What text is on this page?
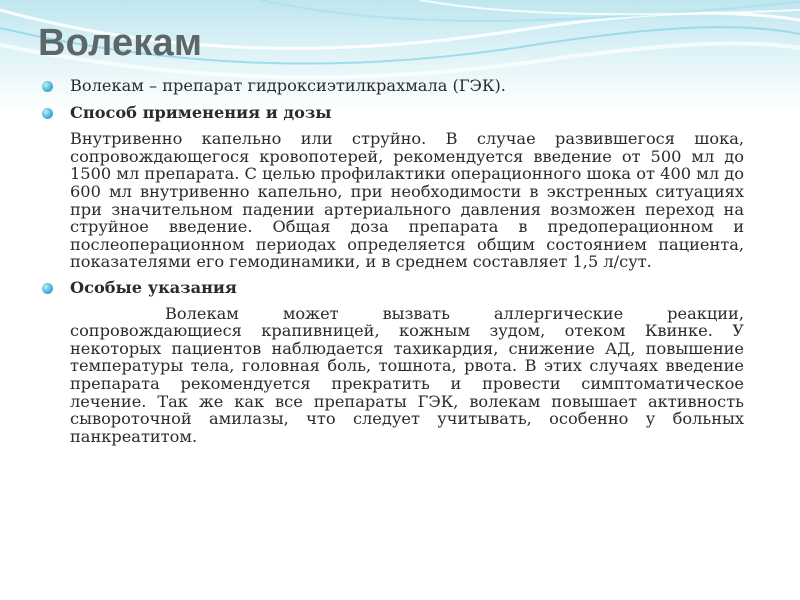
Волекам
Волекам – препарат гидроксиэтилкрахмала (ГЭК).
Способ применения и дозы
Внутривенно капельно или струйно. В случае развившегося шока, сопровождающегося кровопотерей, рекомендуется введение от 500 мл до 1500 мл препарата. С целью профилактики операционного шока от 400 мл до 600 мл внутривенно капельно, при необходимости в экстренных ситуациях при значительном падении артериального давления возможен переход на струйное введение. Общая доза препарата в предоперационном и послеоперационном периодах определяется общим состоянием пациента, показателями его гемодинамики, и в среднем составляет 1,5 л/сут.
Особые указания
Волекам может вызвать аллергические реакции, сопровождающиеся крапивницей, кожным зудом, отеком Квинке. У некоторых пациентов наблюдается тахикардия, снижение АД, повышение температуры тела, головная боль, тошнота, рвота. В этих случаях введение препарата рекомендуется прекратить и провести симптоматическое лечение. Так же как все препараты ГЭК, волекам повышает активность сывороточной амилазы, что следует учитывать, особенно у больных панкреатитом.
